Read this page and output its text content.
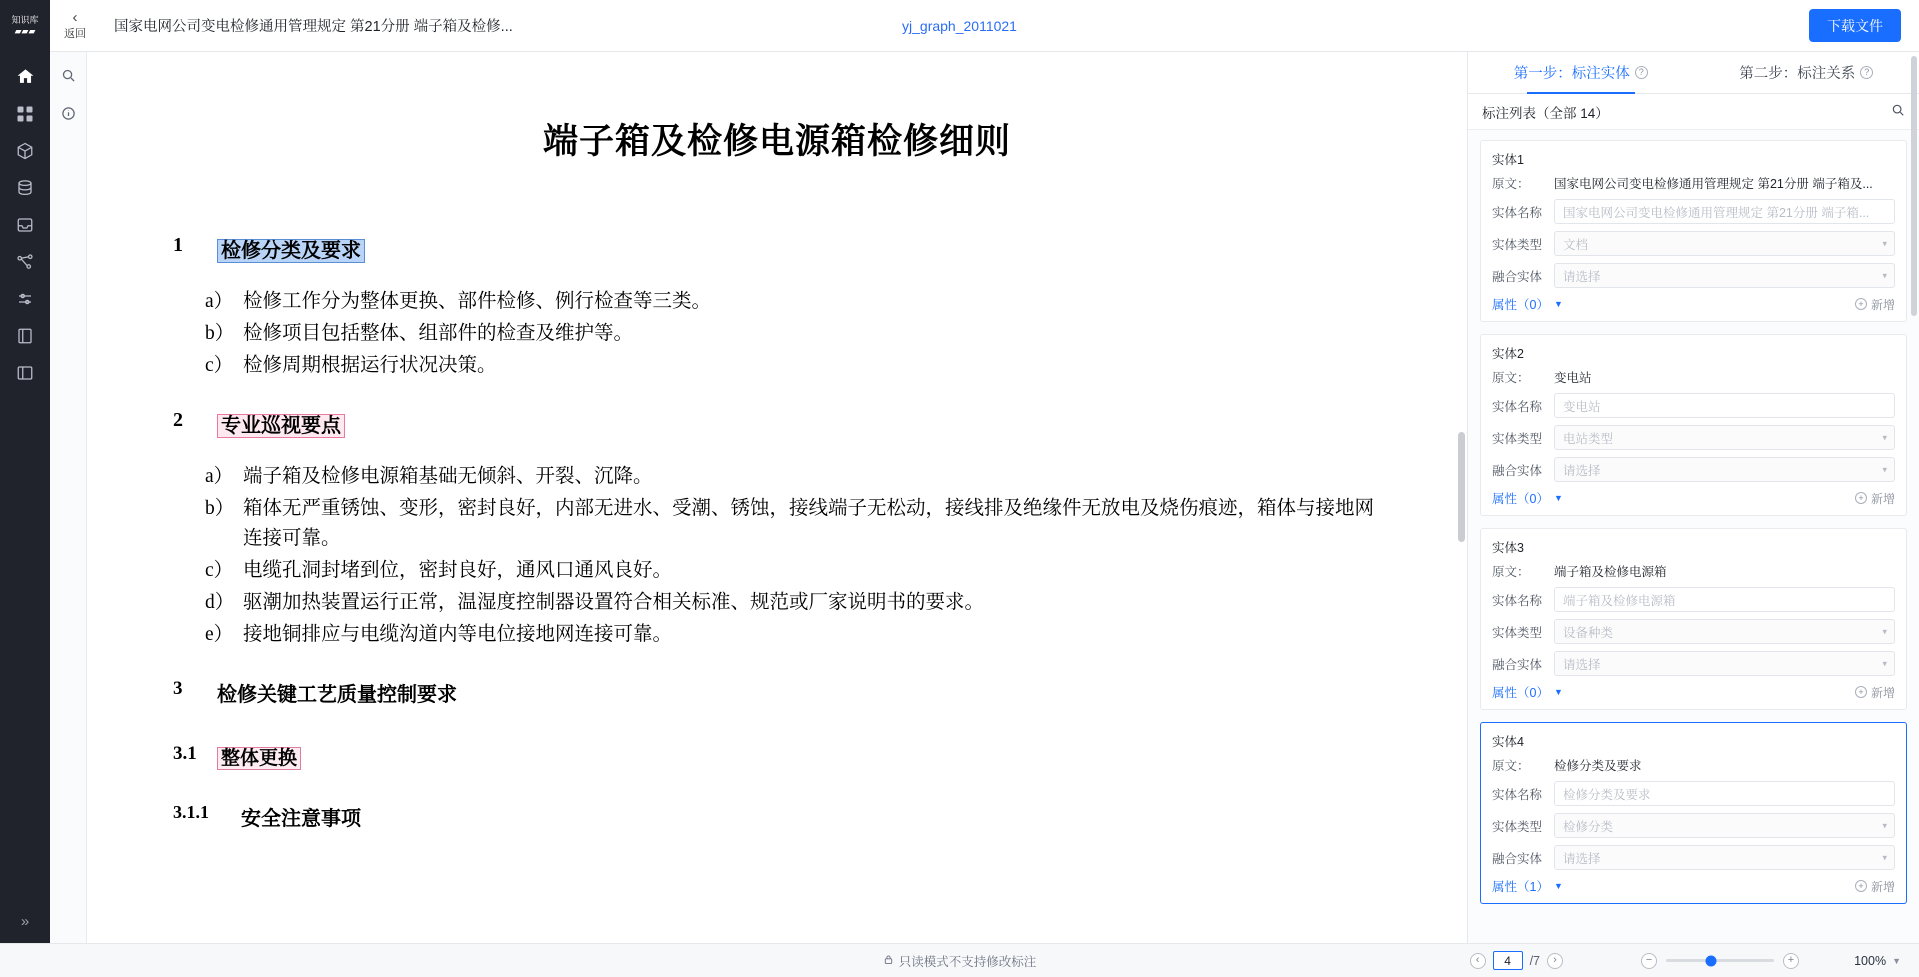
知识库
▰▰▰
‹
返回 国家电网公司变电检修通用管理规定 第21分册 端子箱及检修...	yj_graph_2011021	下载文件
»
端子箱及检修电源箱检修细则
1	检修分类及要求
a） 检修工作分为整体更换、部件检修、例行检查等三类。
b） 检修项目包括整体、组部件的检查及维护等。
c） 检修周期根据运行状况决策。
2	专业巡视要点
a） 端子箱及检修电源箱基础无倾斜、开裂、沉降。
b） 箱体无严重锈蚀、变形，密封良好，内部无进水、受潮、锈蚀，接线端子无松动，接线排及绝缘件无放电及烧伤痕迹，箱体与接地网连接可靠。
c） 电缆孔洞封堵到位，密封良好，通风口通风良好。
d） 驱潮加热装置运行正常，温湿度控制器设置符合相关标准、规范或厂家说明书的要求。
e） 接地铜排应与电缆沟道内等电位接地网连接可靠。
3	检修关键工艺质量控制要求
3.1	整体更换
3.1.1	安全注意事项
第一步：标注实体 ?	第二步：标注关系 ?
标注列表（全部 14）
实体1
原文：	国家电网公司变电检修通用管理规定 第21分册 端子箱及...
实体名称	国家电网公司变电检修通用管理规定 第21分册 端子箱...
实体类型	文档	▾
融合实体	请选择	▾
属性（0） ▼	+ 新增
实体2
原文：	变电站
实体名称	变电站
实体类型	电站类型	▾
融合实体	请选择	▾
属性（0） ▼	+ 新增
实体3
原文：	端子箱及检修电源箱
实体名称	端子箱及检修电源箱
实体类型	设备种类	▾
融合实体	请选择	▾
属性（0） ▼	+ 新增
实体4
原文：	检修分类及要求
实体名称	检修分类及要求
实体类型	检修分类	▾
融合实体	请选择	▾
属性（1） ▼	+ 新增
只读模式不支持修改标注	‹
4	/7 ›	−	+	100% ▼
